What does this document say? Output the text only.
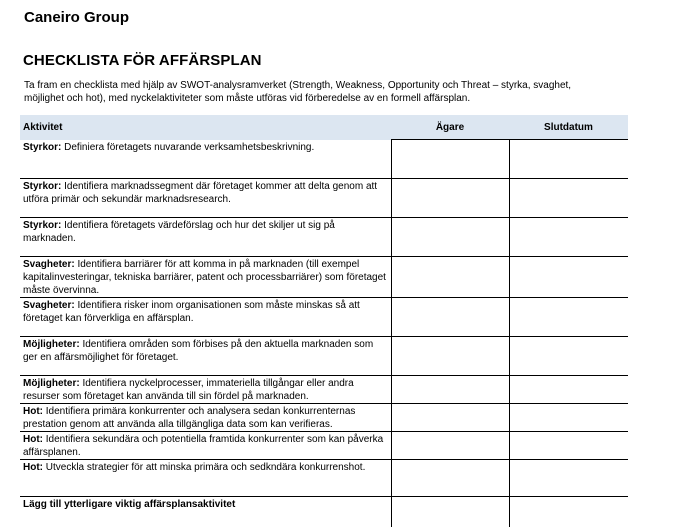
Caneiro Group
CHECKLISTA FÖR AFFÄRSPLAN
Ta fram en checklista med hjälp av SWOT-analysramverket (Strength, Weakness, Opportunity och Threat – styrka, svaghet, möjlighet och hot), med nyckelaktiviteter som måste utföras vid förberedelse av en formell affärsplan.
Aktivitet	Ägare	Slutdatum
Styrkor: Definiera företagets nuvarande verksamhetsbeskrivning.		
Styrkor: Identifiera marknadssegment där företaget kommer att delta genom att utföra primär och sekundär marknadsresearch.		
Styrkor: Identifiera företagets värdeförslag och hur det skiljer ut sig på marknaden.		
Svagheter: Identifiera barriärer för att komma in på marknaden (till exempel kapitalinvesteringar, tekniska barriärer, patent och processbarriärer) som företaget måste övervinna.		
Svagheter: Identifiera risker inom organisationen som måste minskas så att företaget kan förverkliga en affärsplan.		
Möjligheter: Identifiera områden som förbises på den aktuella marknaden som ger en affärsmöjlighet för företaget.		
Möjligheter: Identifiera nyckelprocesser, immateriella tillgångar eller andra resurser som företaget kan använda till sin fördel på marknaden.		
Hot: Identifiera primära konkurrenter och analysera sedan konkurrenternas prestation genom att använda alla tillgängliga data som kan verifieras.		
Hot: Identifiera sekundära och potentiella framtida konkurrenter som kan påverka affärsplanen.		
Hot: Utveckla strategier för att minska primära och sedkndära konkurrenshot.		
Lägg till ytterligare viktig affärsplansaktivitet		
